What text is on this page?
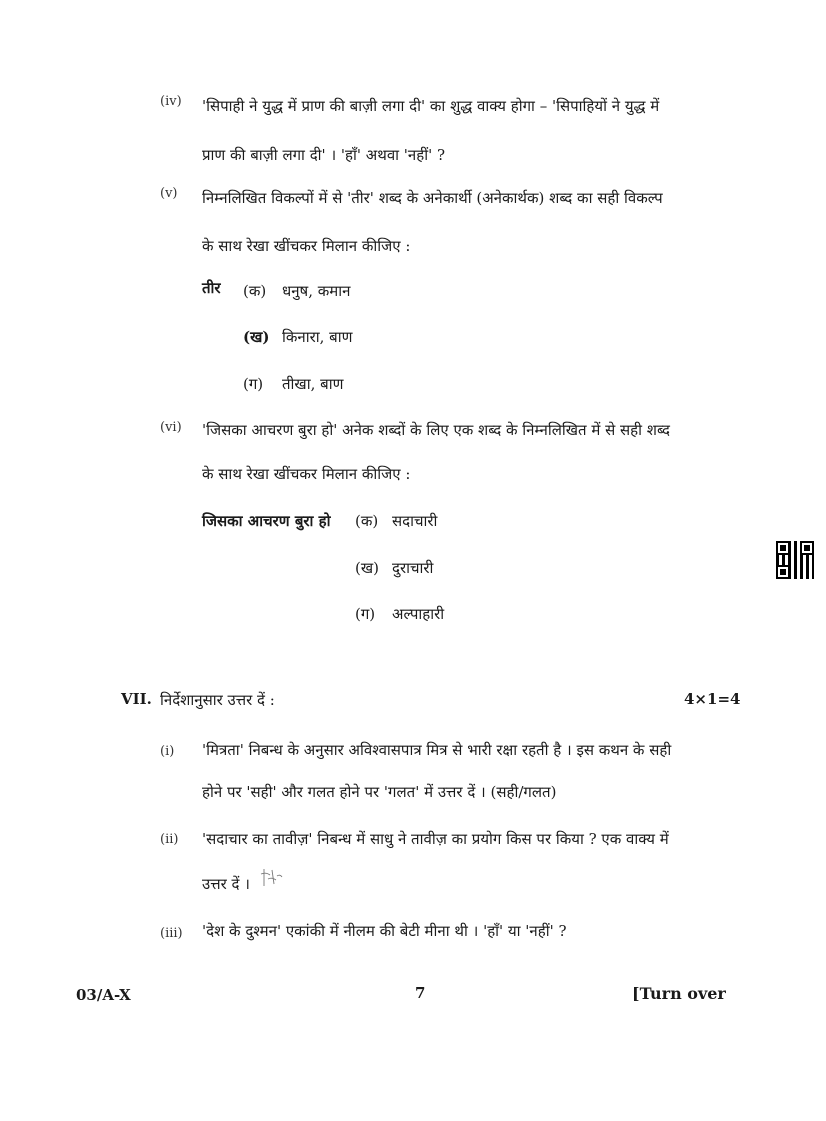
(iv) 'सिपाही ने युद्ध में प्राण की बाज़ी लगा दी' का शुद्ध वाक्य होगा – 'सिपाहियों ने युद्ध में
प्राण की बाज़ी लगा दी' । 'हाँ' अथवा 'नहीं' ?
(v) निम्नलिखित विकल्पों में से 'तीर' शब्द के अनेकार्थी (अनेकार्थक) शब्द का सही विकल्प
के साथ रेखा खींचकर मिलान कीजिए :
तीर (क) धनुष, कमान
(ख) किनारा, बाण
(ग) तीखा, बाण
(vi) 'जिसका आचरण बुरा हो' अनेक शब्दों के लिए एक शब्द के निम्नलिखित में से सही शब्द
के साथ रेखा खींचकर मिलान कीजिए :
जिसका आचरण बुरा हो (क) सदाचारी
(ख) दुराचारी
(ग) अल्पाहारी
VII. निर्देशानुसार उत्तर दें :	4×1=4
(i) 'मित्रता' निबन्ध के अनुसार अविश्वासपात्र मित्र से भारी रक्षा रहती है । इस कथन के सही
होने पर 'सही' और गलत होने पर 'गलत' में उत्तर दें । (सही/गलत)
(ii) 'सदाचार का तावीज़' निबन्ध में साधु ने तावीज़ का प्रयोग किस पर किया ? एक वाक्य में
उत्तर दें ।
(iii) 'देश के दुश्मन' एकांकी में नीलम की बेटी मीना थी । 'हाँ' या 'नहीं' ?
03/A-X	7	[Turn over
